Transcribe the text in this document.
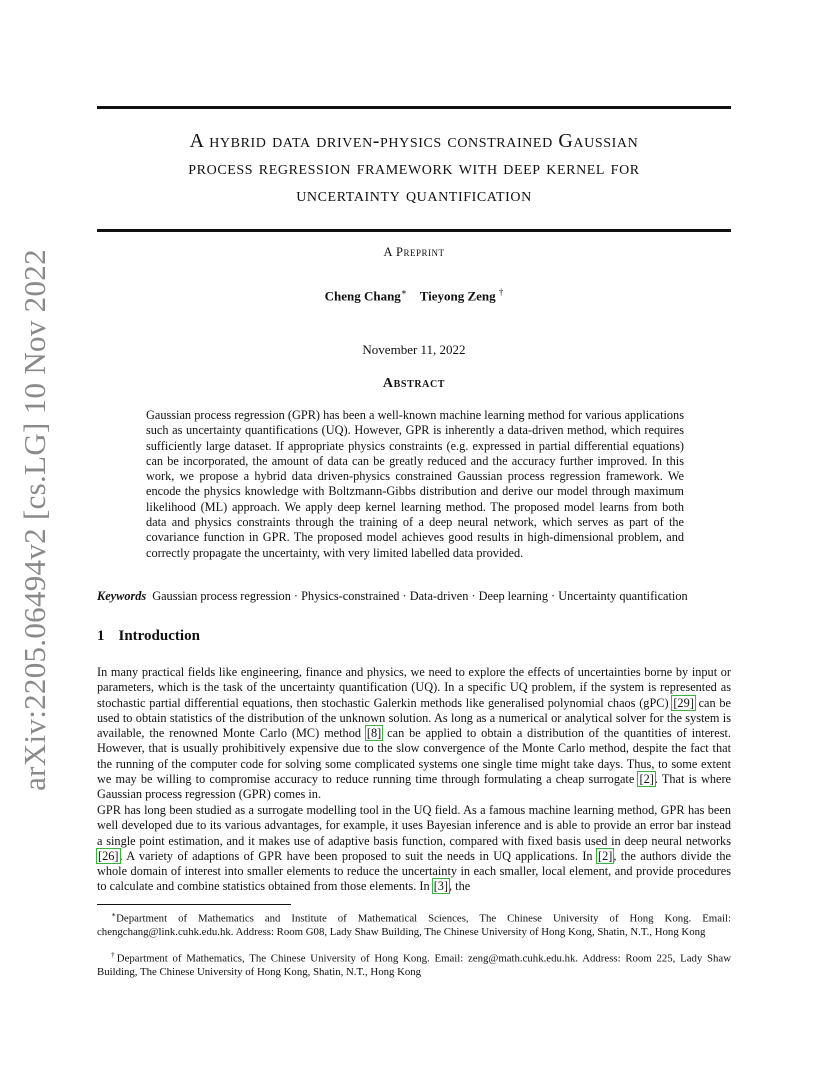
arXiv:2205.06494v2 [cs.LG] 10 Nov 2022
A hybrid data driven-physics constrained Gaussian
process regression framework with deep kernel for
uncertainty quantification
A Preprint
Cheng Chang∗ Tieyong Zeng †
November 11, 2022
Abstract

Gaussian process regression (GPR) has been a well-known machine learning method for various applications such as uncertainty quantifications (UQ). However, GPR is inherently a data-driven method, which requires sufficiently large dataset. If appropriate physics constraints (e.g. expressed in partial differential equations) can be incorporated, the amount of data can be greatly reduced and the accuracy further improved. In this work, we propose a hybrid data driven-physics constrained Gaussian process regression framework. We encode the physics knowledge with Boltzmann-Gibbs distribution and derive our model through maximum likelihood (ML) approach. We apply deep kernel learning method. The proposed model learns from both data and physics constraints through the training of a deep neural network, which serves as part of the covariance function in GPR. The proposed model achieves good results in high-dimensional problem, and correctly propagate the uncertainty, with very limited labelled data provided.

Keywords Gaussian process regression · Physics-constrained · Data-driven · Deep learning · Uncertainty quantification
1 Introduction

In many practical fields like engineering, finance and physics, we need to explore the effects of uncertainties borne by input or parameters, which is the task of the uncertainty quantification (UQ). In a specific UQ problem, if the system is represented as stochastic partial differential equations, then stochastic Galerkin methods like generalised polynomial chaos (gPC) [29] can be used to obtain statistics of the distribution of the unknown solution. As long as a numerical or analytical solver for the system is available, the renowned Monte Carlo (MC) method [8] can be applied to obtain a distribution of the quantities of interest. However, that is usually prohibitively expensive due to the slow convergence of the Monte Carlo method, despite the fact that the running of the computer code for solving some complicated systems one single time might take days. Thus, to some extent we may be willing to compromise accuracy to reduce running time through formulating a cheap surrogate [2]. That is where Gaussian process regression (GPR) comes in.

GPR has long been studied as a surrogate modelling tool in the UQ field. As a famous machine learning method, GPR has been well developed due to its various advantages, for example, it uses Bayesian inference and is able to provide an error bar instead a single point estimation, and it makes use of adaptive basis function, compared with fixed basis used in deep neural networks [26]. A variety of adaptions of GPR have been proposed to suit the needs in UQ applications. In [2], the authors divide the whole domain of interest into smaller elements to reduce the uncertainty in each smaller, local element, and provide procedures to calculate and combine statistics obtained from those elements. In [3], the

∗Department of Mathematics and Institute of Mathematical Sciences, The Chinese University of Hong Kong. Email: chengchang@link.cuhk.edu.hk. Address: Room G08, Lady Shaw Building, The Chinese University of Hong Kong, Shatin, N.T., Hong Kong

†Department of Mathematics, The Chinese University of Hong Kong. Email: zeng@math.cuhk.edu.hk. Address: Room 225, Lady Shaw Building, The Chinese University of Hong Kong, Shatin, N.T., Hong Kong
